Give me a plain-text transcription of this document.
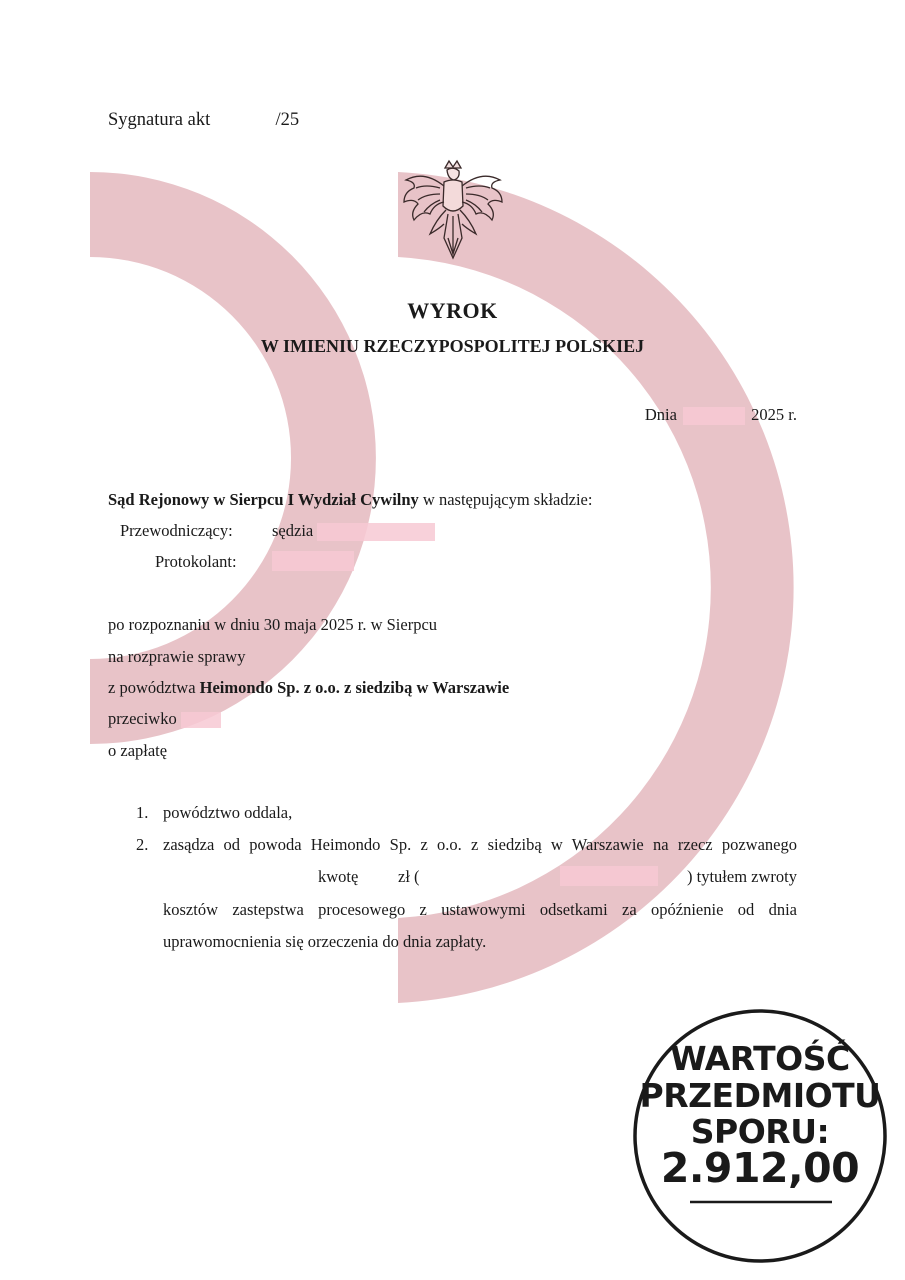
Sygnatura akt	/25
WYROK
W IMIENIU RZECZYPOSPOLITEJ POLSKIEJ
Dnia	2025 r.
Sąd Rejonowy w Sierpcu I Wydział Cywilny w następującym składzie:
Przewodniczący: sędzia
Protokolant:
po rozpoznaniu w dniu 30 maja 2025 r. w Sierpcu
na rozprawie sprawy
z powództwa Heimondo Sp. z o.o. z siedzibą w Warszawie
przeciwko
o zapłatę
1. powództwo oddala,
2. zasądza od powoda Heimondo Sp. z o.o. z siedzibą w Warszawie na rzecz pozwanego
kwotę zł (	) tytułem zwroty
kosztów zastepstwa procesowego z ustawowymi odsetkami za opóźnienie od dnia
uprawomocnienia się orzeczenia do dnia zapłaty.
WARTOŚĆ
PRZEDMIOTU
SPORU:
2.912,00
